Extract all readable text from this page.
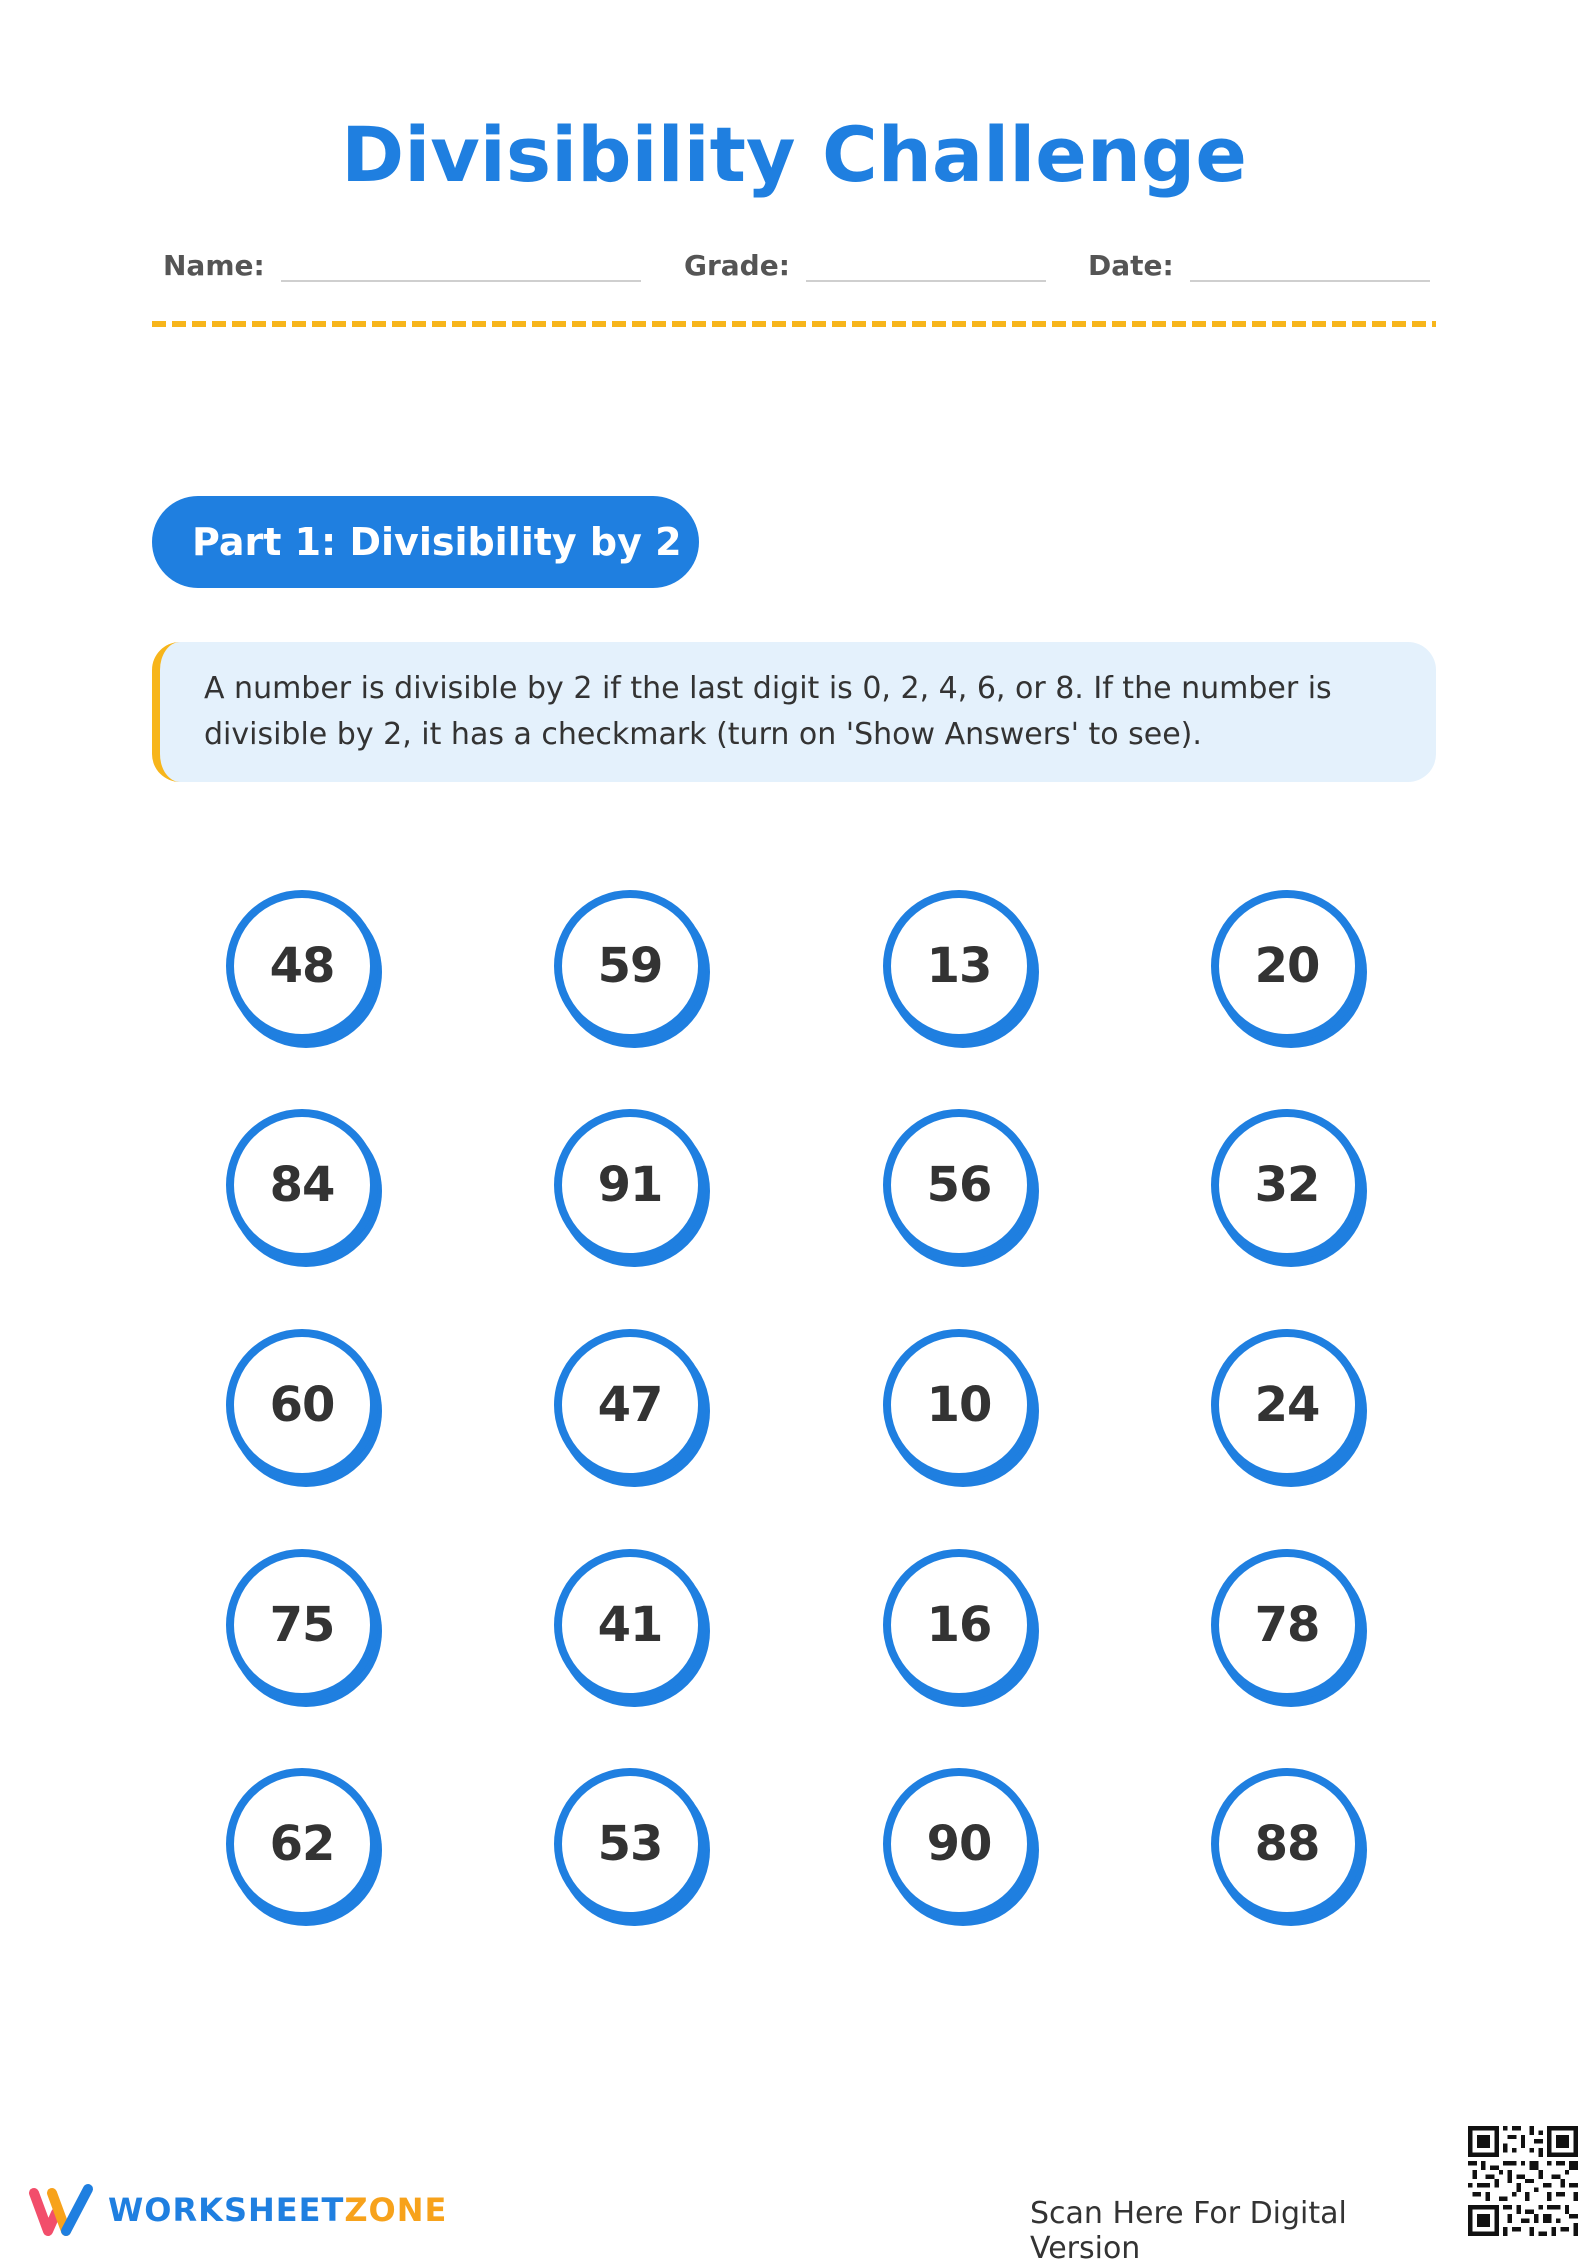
Divisibility Challenge
Name:	Grade:	Date:
Part 1: Divisibility by 2
A number is divisible by 2 if the last digit is 0, 2, 4, 6, or 8. If the number is divisible by 2, it has a checkmark (turn on 'Show Answers' to see).
48	59	13	20
84	91	56	32
60	47	10	24
75	41	16	78
62	53	90	88
WORKSHEETZONE	Scan Here For Digital Version
